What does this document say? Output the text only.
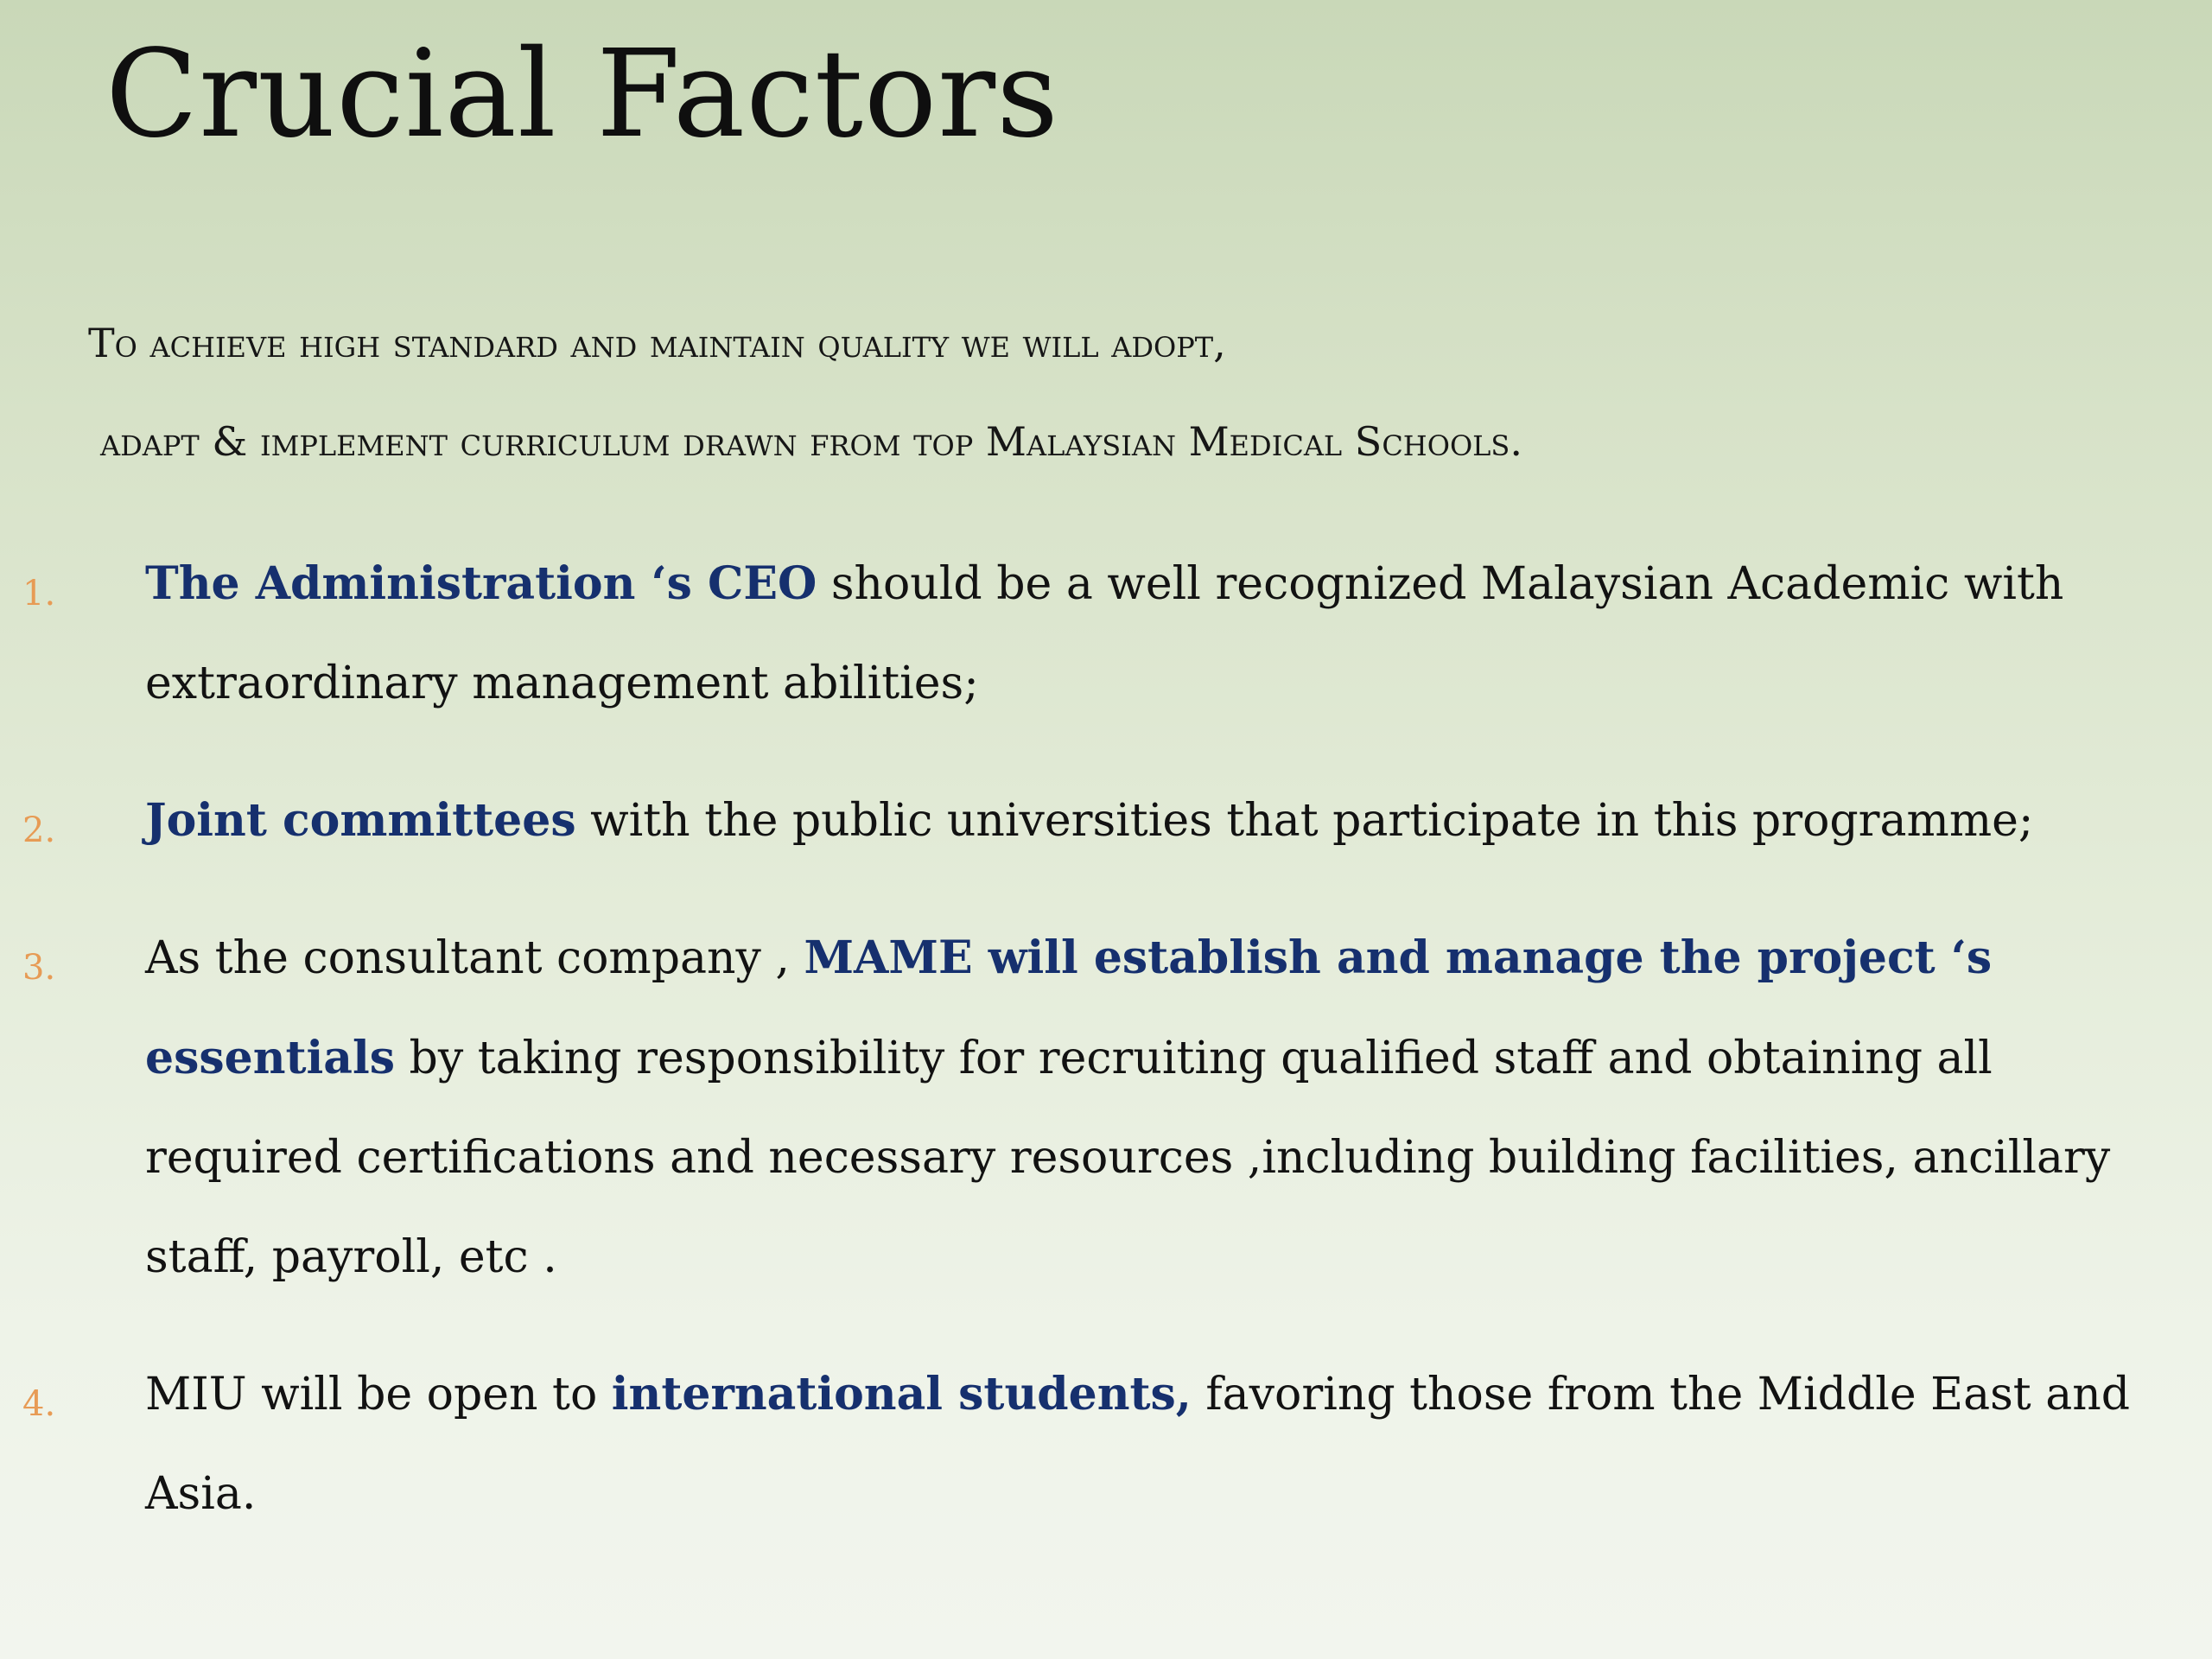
Crucial Factors
To achieve high standard and maintain quality we will adopt,
adapt & implement curriculum drawn from top Malaysian Medical Schools.
1. The Administration ‘s CEO should be a well recognized Malaysian Academic with extraordinary management abilities;
2. Joint committees with the public universities that participate in this programme;
3. As the consultant company , MAME will establish and manage the project ‘s essentials by taking responsibility for recruiting qualified staff and obtaining all required certifications and necessary resources ,including building facilities, ancillary staff, payroll, etc .
4. MIU will be open to international students, favoring those from the Middle East and Asia.
